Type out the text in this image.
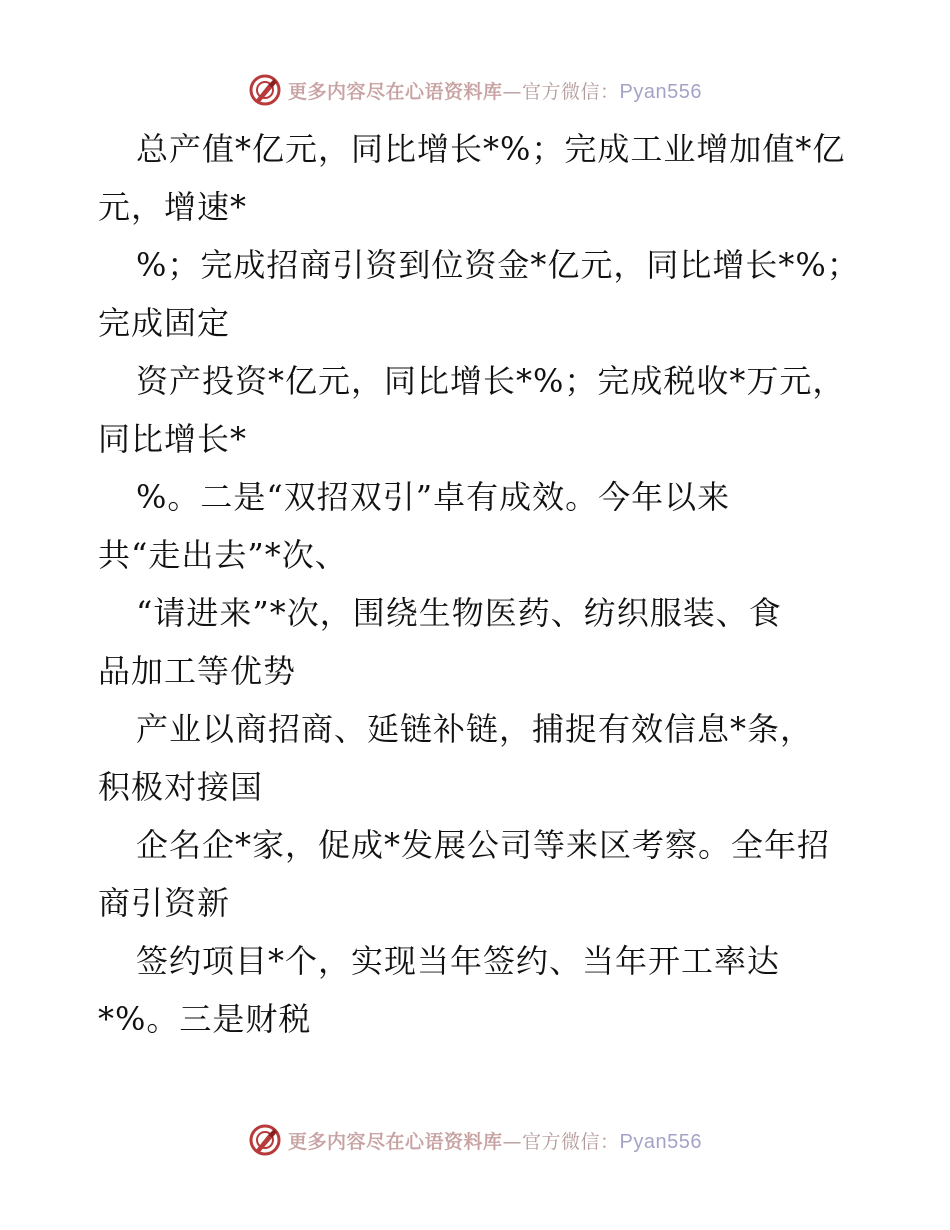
更多内容尽在心语资料库—官方微信：Pyan556
总产值*亿元，同比增长*%；完成工业增加值*亿
元，增速*
%；完成招商引资到位资金*亿元，同比增长*%；
完成固定
资产投资*亿元，同比增长*%；完成税收*万元，
同比增长*
%。二是“双招双引”卓有成效。今年以来
共“走出去”*次、
“请进来”*次，围绕生物医药、纺织服装、食
品加工等优势
产业以商招商、延链补链，捕捉有效信息*条，
积极对接国
企名企*家，促成*发展公司等来区考察。全年招
商引资新
签约项目*个，实现当年签约、当年开工率达
*%。三是财税
更多内容尽在心语资料库—官方微信：Pyan556
